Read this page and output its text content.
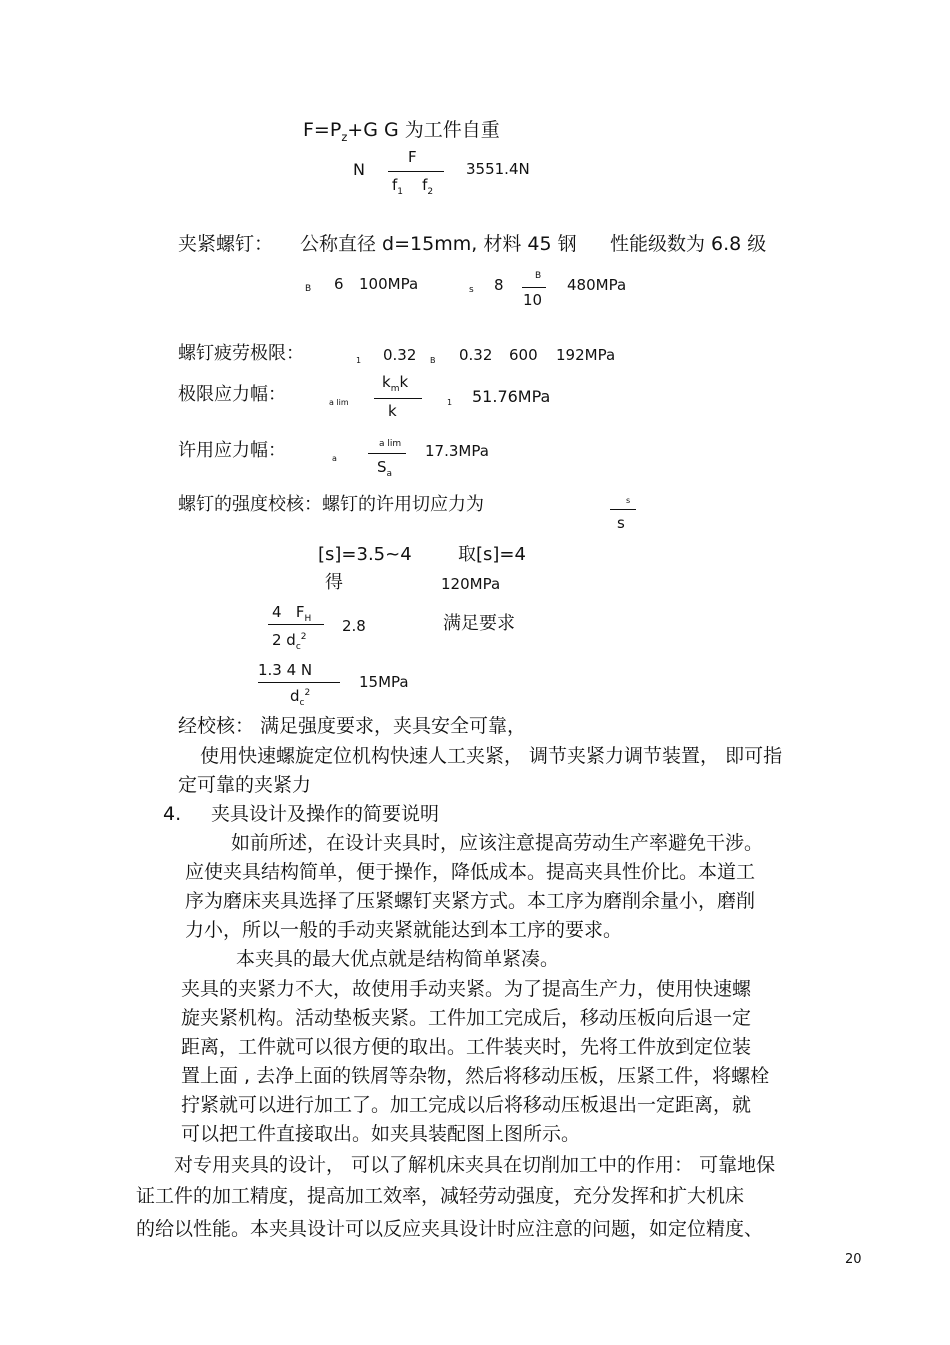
$F=P_z+G$ G 为工件自重
N
F
$f_1$ $f_2$
3551.4N
夹紧螺钉： 公称直径 d=15mm, 材料 45 钢 性能级数为 6.8 级
B 6 100MPa	s 8	B
10
480MPa
螺钉疲劳极限：	1 0.32 B 0.32 600 192MPa
极限应力幅：	a lim
$k_mk$
k	1 51.76MPa
许用应力幅：	a
a lim
$S_a$
17.3MPa
螺钉的强度校核：螺钉的许用切应力为	s
s
[s]=3.5~4	取[s]=4
得	120MPa
4 $F_H$
2 $d_c^2$
2.8	满足要求
1.3 4 N
$d_c^2$
15MPa
经校核： 满足强度要求，夹具安全可靠，
使用快速螺旋定位机构快速人工夹紧， 调节夹紧力调节装置， 即可指
定可靠的夹紧力
4. 夹具设计及操作的简要说明
如前所述，在设计夹具时，应该注意提高劳动生产率避免干涉。
应使夹具结构简单，便于操作，降低成本。提高夹具性价比。本道工
序为磨床夹具选择了压紧螺钉夹紧方式。本工序为磨削余量小，磨削
力小，所以一般的手动夹紧就能达到本工序的要求。
本夹具的最大优点就是结构简单紧凑。
夹具的夹紧力不大，故使用手动夹紧。为了提高生产力，使用快速螺
旋夹紧机构。活动垫板夹紧。工件加工完成后，移动压板向后退一定
距离，工件就可以很方便的取出。工件装夹时，先将工件放到定位装
置上面 , 去净上面的铁屑等杂物，然后将移动压板，压紧工件，将螺栓
拧紧就可以进行加工了。加工完成以后将移动压板退出一定距离，就
可以把工件直接取出。如夹具装配图上图所示。
对专用夹具的设计， 可以了解机床夹具在切削加工中的作用： 可靠地保
证工件的加工精度，提高加工效率，减轻劳动强度，充分发挥和扩大机床
的给以性能。本夹具设计可以反应夹具设计时应注意的问题，如定位精度、
20
